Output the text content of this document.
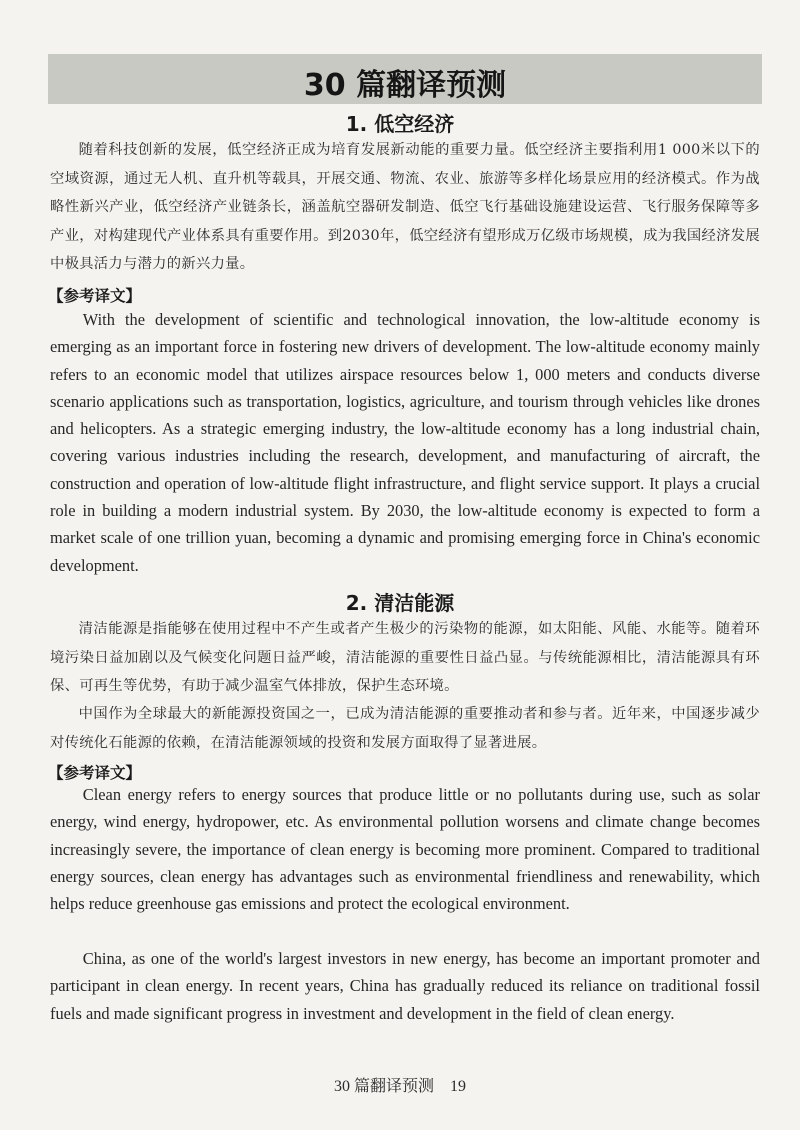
30 篇翻译预测
1. 低空经济

随着科技创新的发展，低空经济正成为培育发展新动能的重要力量。低空经济主要指利用1 000米以下的空域资源，通过无人机、直升机等载具，开展交通、物流、农业、旅游等多样化场景应用的经济模式。作为战略性新兴产业，低空经济产业链条长，涵盖航空器研发制造、低空飞行基础设施建设运营、飞行服务保障等多产业，对构建现代产业体系具有重要作用。到2030年，低空经济有望形成万亿级市场规模，成为我国经济发展中极具活力与潜力的新兴力量。

【参考译文】

With the development of scientific and technological innovation, the low-altitude economy is emerging as an important force in fostering new drivers of development. The low-altitude economy mainly refers to an economic model that utilizes airspace resources below 1, 000 meters and conducts diverse scenario applications such as transportation, logistics, agriculture, and tourism through vehicles like drones and helicopters. As a strategic emerging industry, the low-altitude economy has a long industrial chain, covering various industries including the research, development, and manufacturing of aircraft, the construction and operation of low-altitude flight infrastructure, and flight service support. It plays a crucial role in building a modern industrial system. By 2030, the low-altitude economy is expected to form a market scale of one trillion yuan, becoming a dynamic and promising emerging force in China's economic development.

2. 清洁能源

清洁能源是指能够在使用过程中不产生或者产生极少的污染物的能源，如太阳能、风能、水能等。随着环境污染日益加剧以及气候变化问题日益严峻，清洁能源的重要性日益凸显。与传统能源相比，清洁能源具有环保、可再生等优势，有助于减少温室气体排放，保护生态环境。

中国作为全球最大的新能源投资国之一，已成为清洁能源的重要推动者和参与者。近年来，中国逐步减少对传统化石能源的依赖，在清洁能源领域的投资和发展方面取得了显著进展。

【参考译文】

Clean energy refers to energy sources that produce little or no pollutants during use, such as solar energy, wind energy, hydropower, etc. As environmental pollution worsens and climate change becomes increasingly severe, the importance of clean energy is becoming more prominent. Compared to traditional energy sources, clean energy has advantages such as environmental friendliness and renewability, which helps reduce greenhouse gas emissions and protect the ecological environment.

China, as one of the world's largest investors in new energy, has become an important promoter and participant in clean energy. In recent years, China has gradually reduced its reliance on traditional fossil fuels and made significant progress in investment and development in the field of clean energy.

30 篇翻译预测　19
